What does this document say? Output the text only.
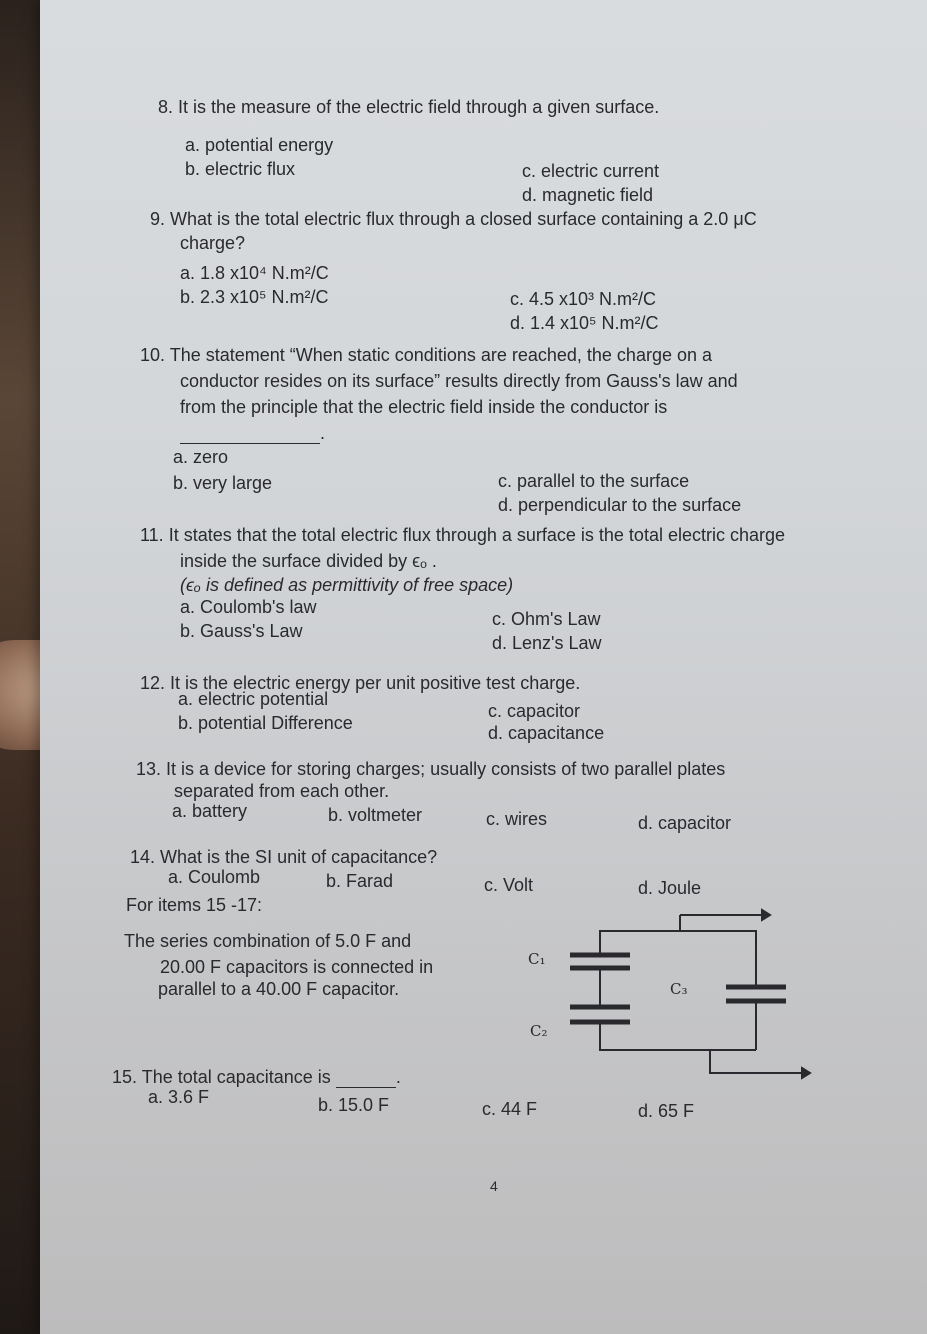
8. It is the measure of the electric field through a given surface.
a. potential energy
b. electric flux	c. electric current
d. magnetic field
9. What is the total electric flux through a closed surface containing a 2.0 μC
charge?
a. 1.8 x10⁴ N.m²/C
b. 2.3 x10⁵ N.m²/C	c. 4.5 x10³ N.m²/C
d. 1.4 x10⁵ N.m²/C
10. The statement “When static conditions are reached, the charge on a
conductor resides on its surface” results directly from Gauss's law and
from the principle that the electric field inside the conductor is
.
a. zero
b. very large	c. parallel to the surface
d. perpendicular to the surface
11. It states that the total electric flux through a surface is the total electric charge
inside the surface divided by ϵₒ .
(ϵₒ is defined as permittivity of free space)
a. Coulomb's law
b. Gauss's Law
c. Ohm's Law
d. Lenz's Law
12. It is the electric energy per unit positive test charge.
a. electric potential
b. potential Difference
c. capacitor
d. capacitance
13. It is a device for storing charges; usually consists of two parallel plates
separated from each other.
a. battery	b. voltmeter	c. wires	d. capacitor
14. What is the SI unit of capacitance?
a. Coulomb	b. Farad	c. Volt	d. Joule
For items 15 -17:
The series combination of 5.0 F and
20.00 F capacitors is connected in
parallel to a 40.00 F capacitor.
C₁
C₂
C₃
15. The total capacitance is	.
a. 3.6 F	b. 15.0 F	c. 44 F	d. 65 F
4
